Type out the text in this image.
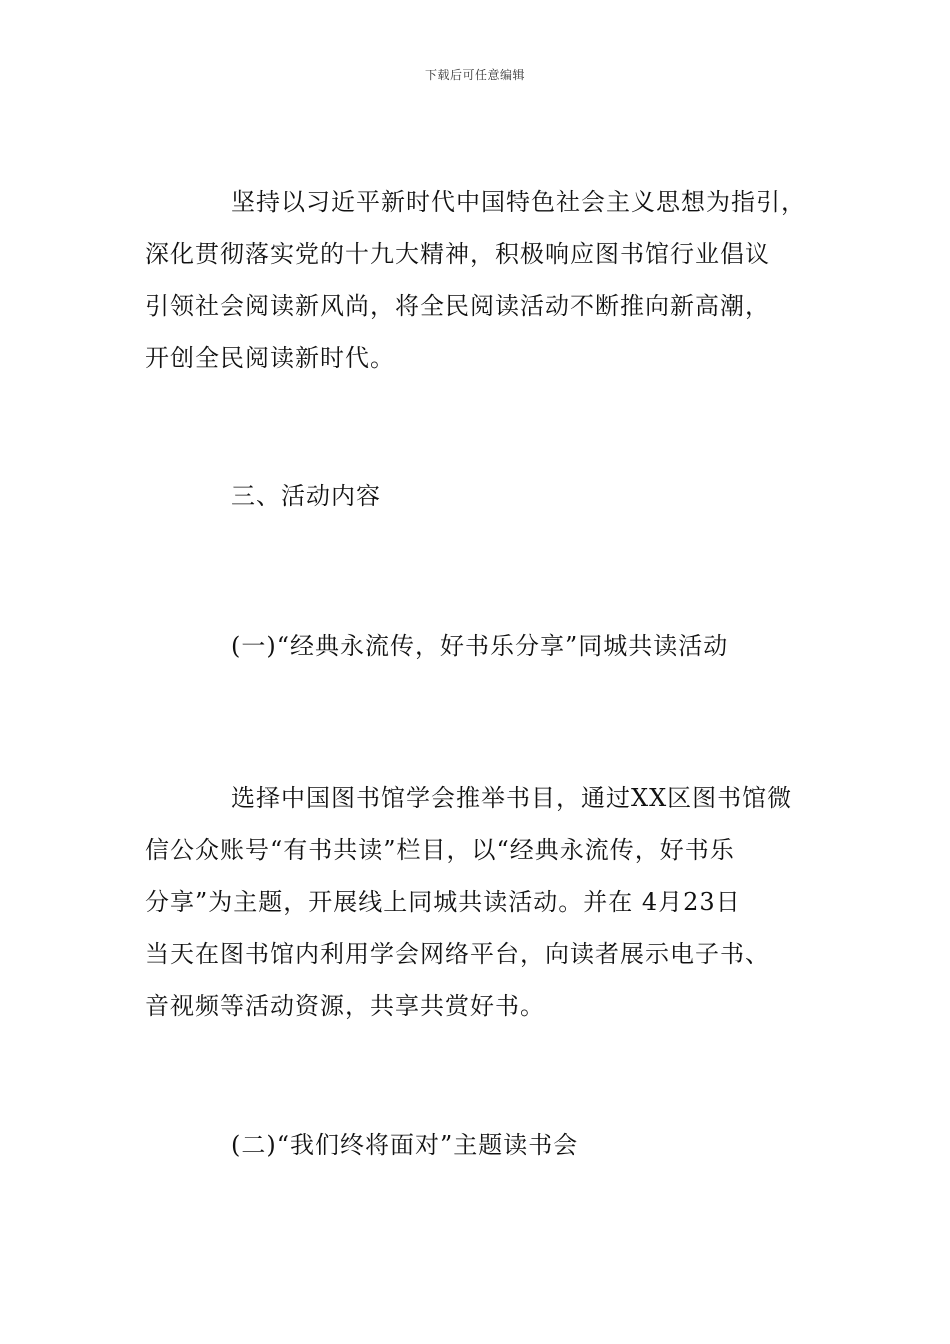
下载后可任意编辑
坚持以习近平新时代中国特色社会主义思想为指引，
深化贯彻落实党的十九大精神，积极响应图书馆行业倡议
引领社会阅读新风尚，将全民阅读活动不断推向新高潮，
开创全民阅读新时代。
三、活动内容
(一)“经典永流传，好书乐分享”同城共读活动
选择中国图书馆学会推举书目，通过XX区图书馆微
信公众账号“有书共读”栏目，以“经典永流传，好书乐
分享”为主题，开展线上同城共读活动。并在 4月23日
当天在图书馆内利用学会网络平台，向读者展示电子书、
音视频等活动资源，共享共赏好书。
(二)“我们终将面对”主题读书会
